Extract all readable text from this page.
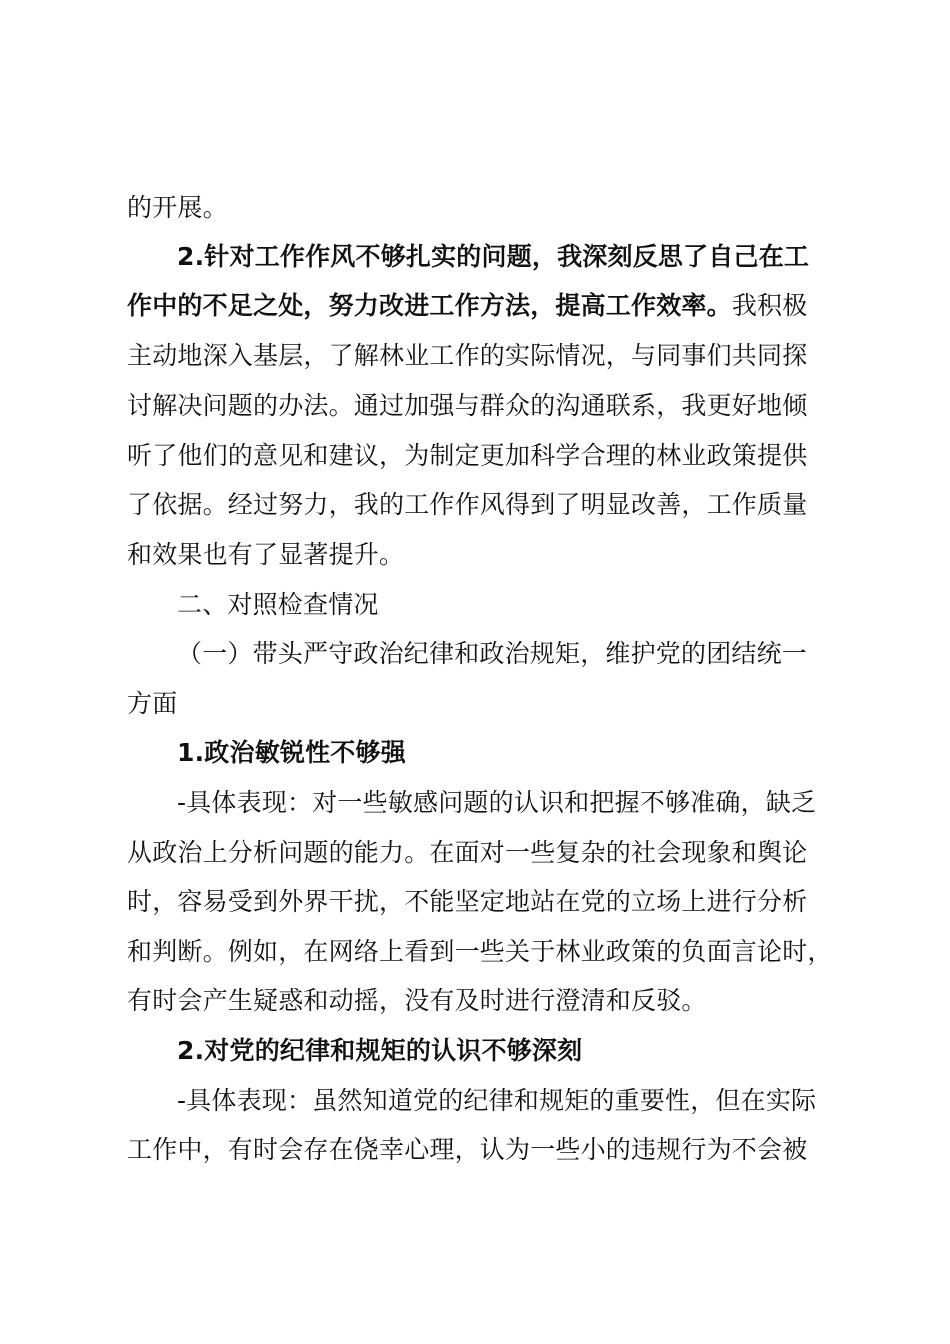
的开展。
2.针对工作作风不够扎实的问题，我深刻反思了自己在工
作中的不足之处，努力改进工作方法，提高工作效率。我积极
主动地深入基层，了解林业工作的实际情况，与同事们共同探
讨解决问题的办法。通过加强与群众的沟通联系，我更好地倾
听了他们的意见和建议，为制定更加科学合理的林业政策提供
了依据。经过努力，我的工作作风得到了明显改善，工作质量
和效果也有了显著提升。
二、对照检查情况
（一）带头严守政治纪律和政治规矩，维护党的团结统一
方面
1.政治敏锐性不够强
-具体表现：对一些敏感问题的认识和把握不够准确，缺乏
从政治上分析问题的能力。在面对一些复杂的社会现象和舆论
时，容易受到外界干扰，不能坚定地站在党的立场上进行分析
和判断。例如，在网络上看到一些关于林业政策的负面言论时，
有时会产生疑惑和动摇，没有及时进行澄清和反驳。
2.对党的纪律和规矩的认识不够深刻
-具体表现：虽然知道党的纪律和规矩的重要性，但在实际
工作中，有时会存在侥幸心理，认为一些小的违规行为不会被
